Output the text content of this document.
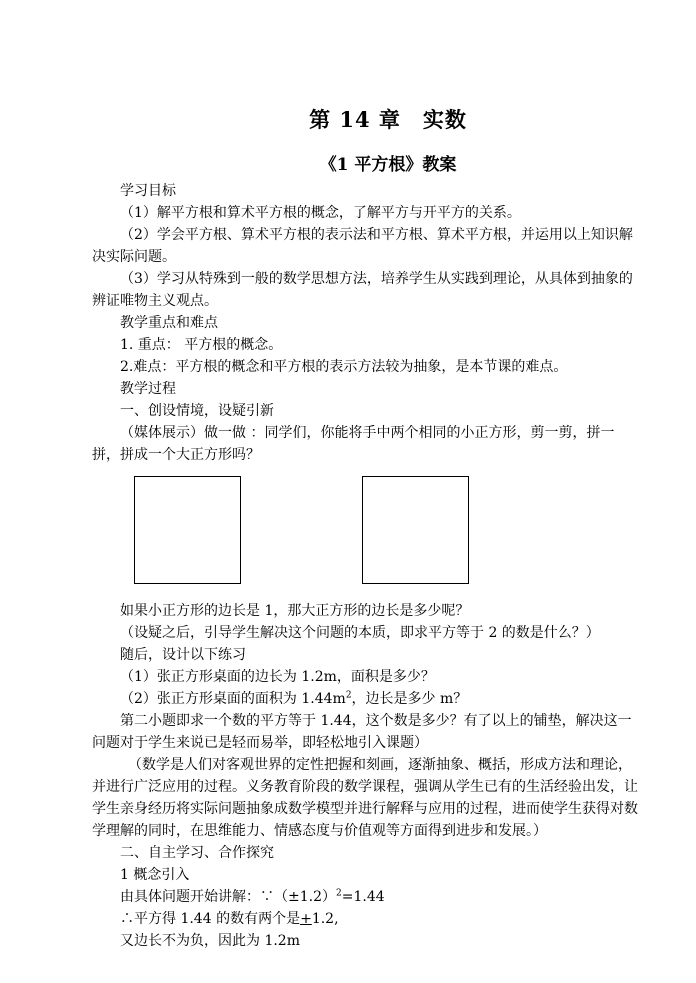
第 14 章 实数
《1 平方根》教案

学习目标

（1）解平方根和算术平方根的概念，了解平方与开平方的关系。

（2）学会平方根、算术平方根的表示法和平方根、算术平方根，并运用以上知识解决实际问题。

（3）学习从特殊到一般的数学思想方法，培养学生从实践到理论，从具体到抽象的辨证唯物主义观点。

教学重点和难点

1. 重点： 平方根的概念。

2.难点：平方根的概念和平方根的表示方法较为抽象，是本节课的难点。

教学过程

一、创设情境，设疑引新

（媒体展示）做一做 ：同学们，你能将手中两个相同的小正方形，剪一剪，拼一拼，拼成一个大正方形吗？

如果小正方形的边长是 1，那大正方形的边长是多少呢？

（设疑之后，引导学生解决这个问题的本质，即求平方等于 2 的数是什么？）

随后，设计以下练习

（1）张正方形桌面的边长为 1.2m，面积是多少？

（2）张正方形桌面的面积为 $1.44m^2$，边长是多少 m？

第二小题即求一个数的平方等于 1.44，这个数是多少？有了以上的铺垫，解决这一问题对于学生来说已是轻而易举，即轻松地引入课题）

（数学是人们对客观世界的定性把握和刻画，逐渐抽象、概括，形成方法和理论，并进行广泛应用的过程。义务教育阶段的数学课程，强调从学生已有的生活经验出发，让学生亲身经历将实际问题抽象成数学模型并进行解释与应用的过程，进而使学生获得对数学理解的同时，在思维能力、情感态度与价值观等方面得到进步和发展。）

二、自主学习、合作探究

1 概念引入

由具体问题开始讲解：$\because(\pm 1.2)^2=1.44$

∴平方得 1.44 的数有两个是+1.2,

又边长不为负，因此为 1.2m
